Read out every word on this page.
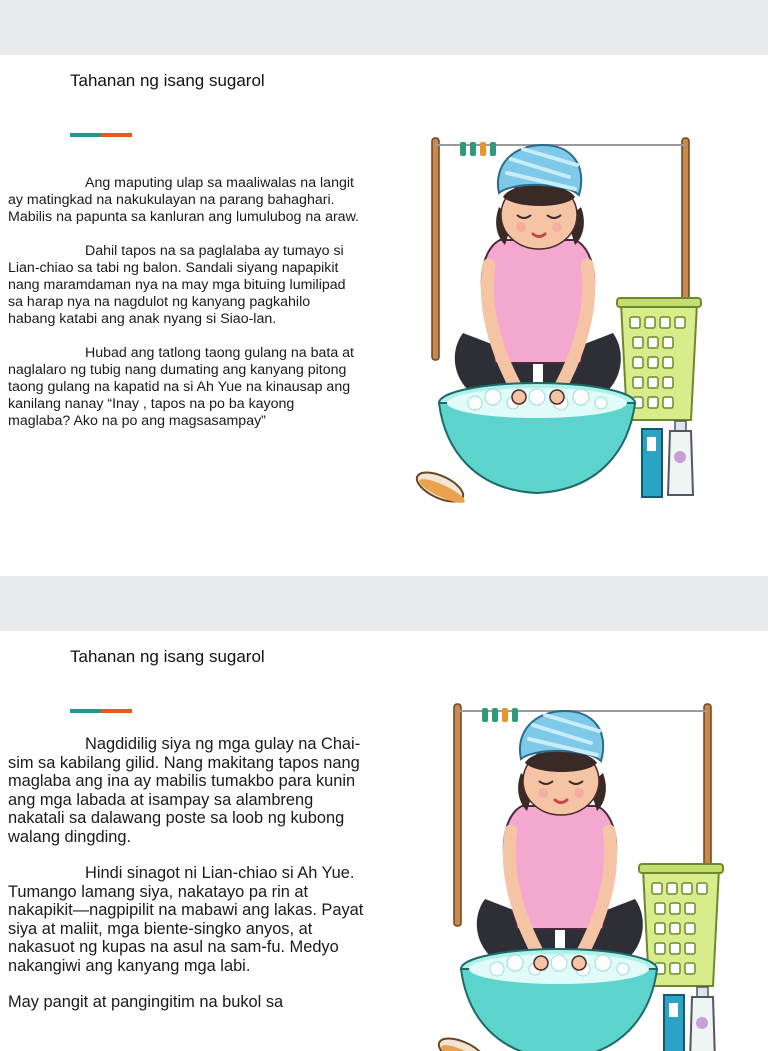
Tahanan ng isang sugarol

Ang maputing ulap sa maaliwalas na langit ay matingkad na nakukulayan na parang bahaghari. Mabilis na papunta sa kanluran ang lumulubog na araw.

Dahil tapos na sa paglalaba ay tumayo si Lian-chiao sa tabi ng balon. Sandali siyang napapikit nang maramdaman nya na may mga bituing lumilipad sa harap nya na nagdulot ng kanyang pagkahilo habang katabi ang anak nyang si Siao-lan.

Hubad ang tatlong taong gulang na bata at naglalaro ng tubig nang dumating ang kanyang pitong taong gulang na kapatid na si Ah Yue na kinausap ang kanilang nanay “Inay , tapos na po ba kayong maglaba? Ako na po ang magsasampay”

Tahanan ng isang sugarol

Nagdidilig siya ng mga gulay na Chai-sim sa kabilang gilid. Nang makitang tapos nang maglaba ang ina ay mabilis tumakbo para kunin ang mga labada at isampay sa alambreng nakatali sa dalawang poste sa loob ng kubong walang dingding.

Hindi sinagot ni Lian-chiao si Ah Yue. Tumango lamang siya, nakatayo pa rin at nakapikit—nagpipilit na mabawi ang lakas. Payat siya at maliit, mga biente-singko anyos, at nakasuot ng kupas na asul na sam-fu. Medyo nakangiwi ang kanyang mga labi.

May pangit at pangingitim na bukol sa
